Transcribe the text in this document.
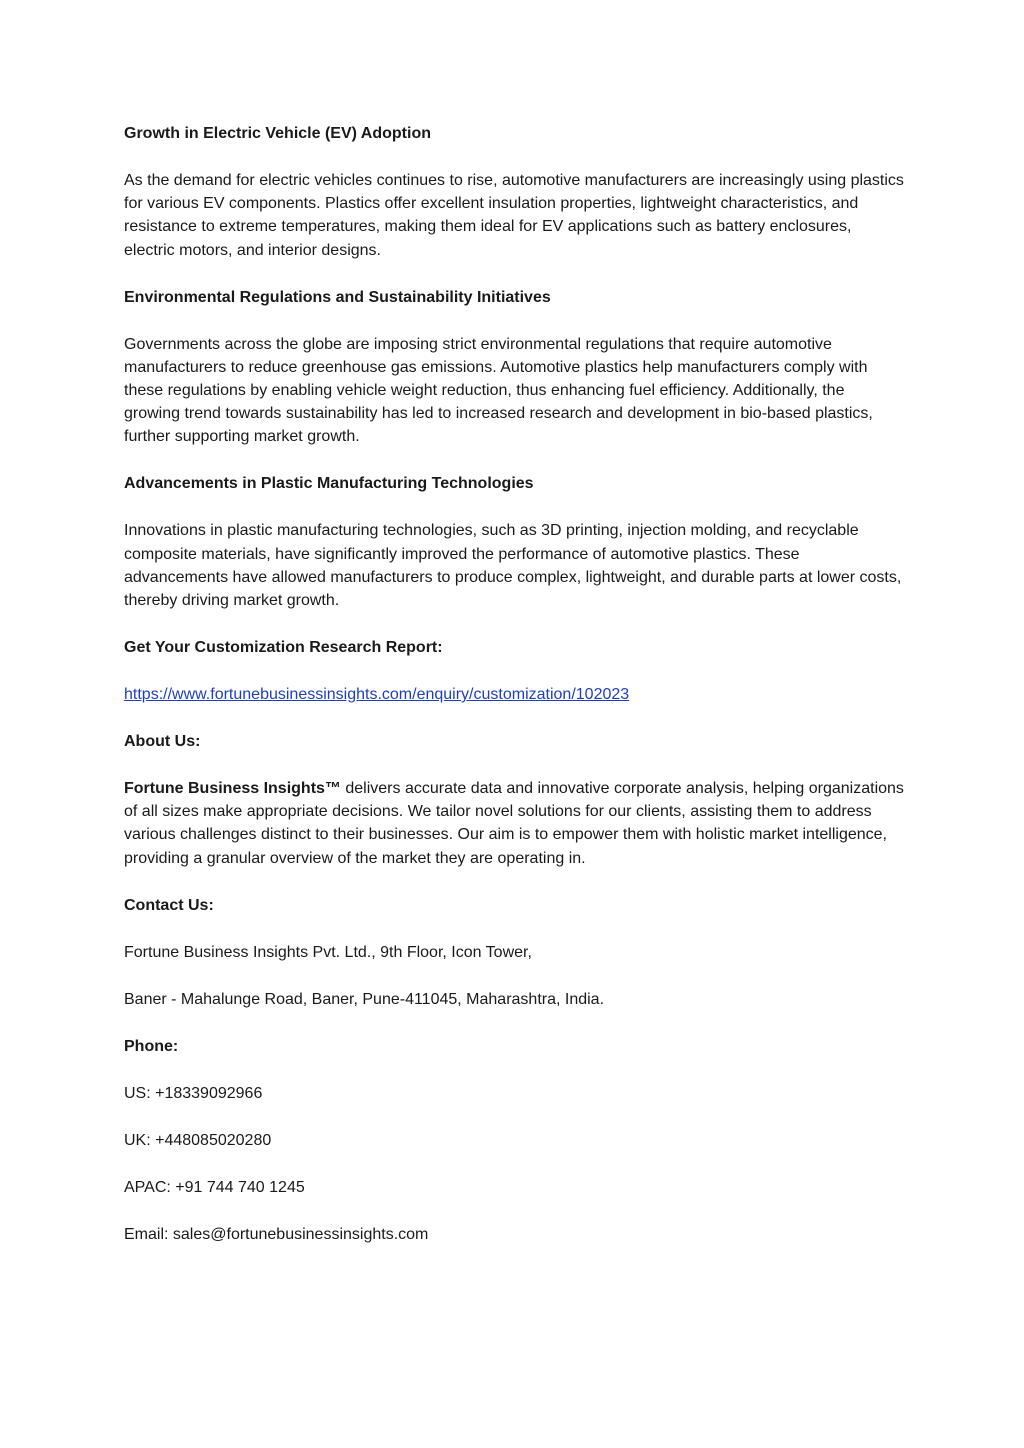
Growth in Electric Vehicle (EV) Adoption
As the demand for electric vehicles continues to rise, automotive manufacturers are increasingly using plastics for various EV components. Plastics offer excellent insulation properties, lightweight characteristics, and resistance to extreme temperatures, making them ideal for EV applications such as battery enclosures, electric motors, and interior designs.
Environmental Regulations and Sustainability Initiatives
Governments across the globe are imposing strict environmental regulations that require automotive manufacturers to reduce greenhouse gas emissions. Automotive plastics help manufacturers comply with these regulations by enabling vehicle weight reduction, thus enhancing fuel efficiency. Additionally, the growing trend towards sustainability has led to increased research and development in bio-based plastics, further supporting market growth.
Advancements in Plastic Manufacturing Technologies
Innovations in plastic manufacturing technologies, such as 3D printing, injection molding, and recyclable composite materials, have significantly improved the performance of automotive plastics. These advancements have allowed manufacturers to produce complex, lightweight, and durable parts at lower costs, thereby driving market growth.
Get Your Customization Research Report:
https://www.fortunebusinessinsights.com/enquiry/customization/102023
About Us:
Fortune Business Insights™ delivers accurate data and innovative corporate analysis, helping organizations of all sizes make appropriate decisions. We tailor novel solutions for our clients, assisting them to address various challenges distinct to their businesses. Our aim is to empower them with holistic market intelligence, providing a granular overview of the market they are operating in.
Contact Us:
Fortune Business Insights Pvt. Ltd., 9th Floor, Icon Tower,
Baner - Mahalunge Road, Baner, Pune-411045, Maharashtra, India.
Phone:
US: +18339092966
UK: +448085020280
APAC: +91 744 740 1245
Email: sales@fortunebusinessinsights.com
